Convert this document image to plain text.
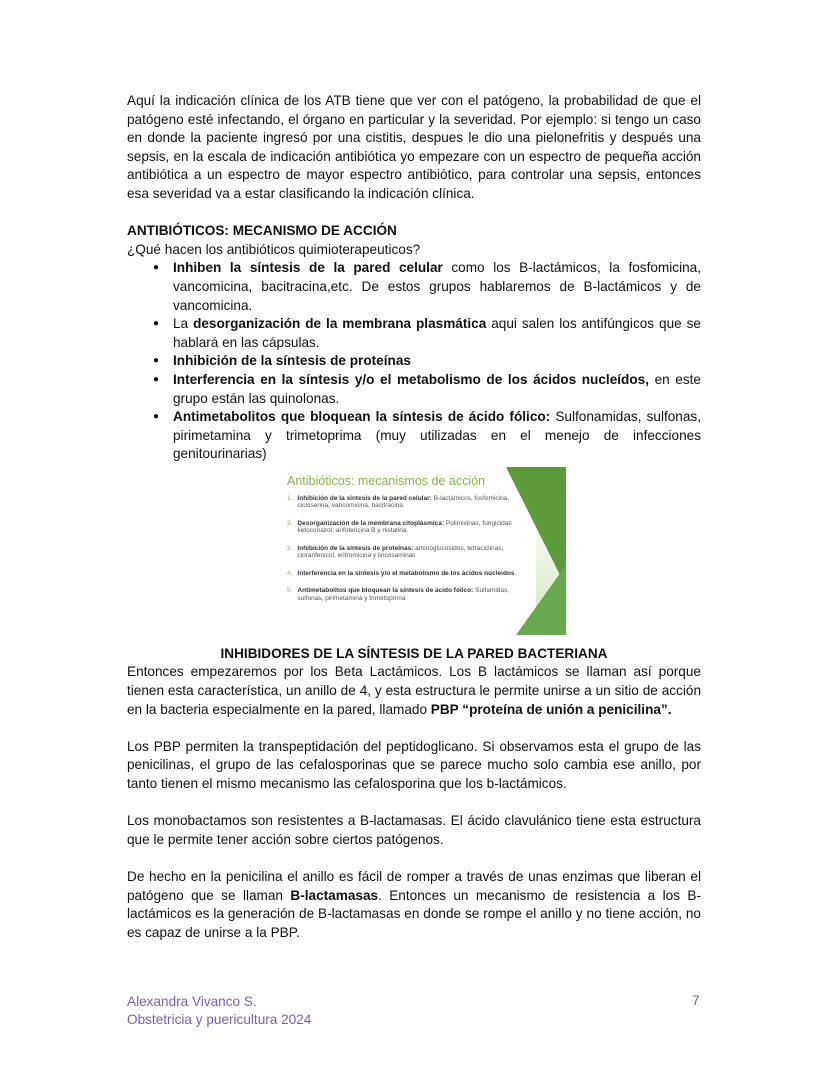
Aquí la indicación clínica de los ATB tiene que ver con el patógeno, la probabilidad de que el patógeno esté infectando, el órgano en particular y la severidad. Por ejemplo: si tengo un caso en donde la paciente ingresó por una cistitis, despues le dio una pielonefritis y después una sepsis, en la escala de indicación antibiótica yo empezare con un espectro de pequeña acción antibiótica a un espectro de mayor espectro antibiótico, para controlar una sepsis, entonces esa severidad va a estar clasificando la indicación clínica.

ANTIBIÓTICOS: MECANISMO DE ACCIÓN
¿Qué hacen los antibióticos quimioterapeuticos?
● Inhiben la síntesis de la pared celular como los B-lactámicos, la fosfomicina, vancomicina, bacitracina,etc. De estos grupos hablaremos de B-lactámicos y de vancomicina.
● La desorganización de la membrana plasmática aqui salen los antifúngicos que se hablará en las cápsulas.
● Inhibición de la síntesis de proteínas
● Interferencia en la síntesis y/o el metabolismo de los ácidos nucleídos, en este grupo están las quinolonas.
● Antimetabolitos que bloquean la síntesis de ácido fólico: Sulfonamidas, sulfonas, pirimetamina y trimetoprima (muy utilizadas en el menejo de infecciones genitourinarias)
Antibióticos: mecanismos de acción
1. Inhibición de la síntesis de la pared celular: B-lactámicos, fosfomicina, cicloserina, vancomicina, bacitracina.
2. Desorganización de la membrana citoplásmica: Polimixinas, fungicidas ketoconazol, anfotericina B y nistatina.
3. Inhibición de la síntesis de proteínas: aminoglucosidos, tetraciclinas, cloranfenicol, eritromicina y lincosaminas
4. Interferencia en la síntesis y/o el metabolismo de los ácidos nucleidos
5. Antimetabolitos que bloquean la síntesis de ácido fólico: Sulfamidas, sulfonas, pirimetamina y trimetoprima
INHIBIDORES DE LA SÍNTESIS DE LA PARED BACTERIANA

Entonces empezaremos por los Beta Lactámicos. Los B lactámicos se llaman así porque tienen esta característica, un anillo de 4, y esta estructura le permite unirse a un sitio de acción en la bacteria especialmente en la pared, llamado PBP “proteína de unión a penicilina”.

Los PBP permiten la transpeptidación del peptidoglicano. Si observamos esta el grupo de las penicilinas, el grupo de las cefalosporinas que se parece mucho solo cambia ese anillo, por tanto tienen el mismo mecanismo las cefalosporina que los b-lactámicos.

Los monobactamos son resistentes a B-lactamasas. El ácido clavulánico tiene esta estructura que le permite tener acción sobre ciertos patógenos.

De hecho en la penicilina el anillo es fácil de romper a través de unas enzimas que liberan el patógeno que se llaman B-lactamasas. Entonces un mecanismo de resistencia a los B-lactámicos es la generación de B-lactamasas en donde se rompe el anillo y no tiene acción, no es capaz de unirse a la PBP.

Alexandra Vivanco S.
Obstetricia y puericultura 2024
7
